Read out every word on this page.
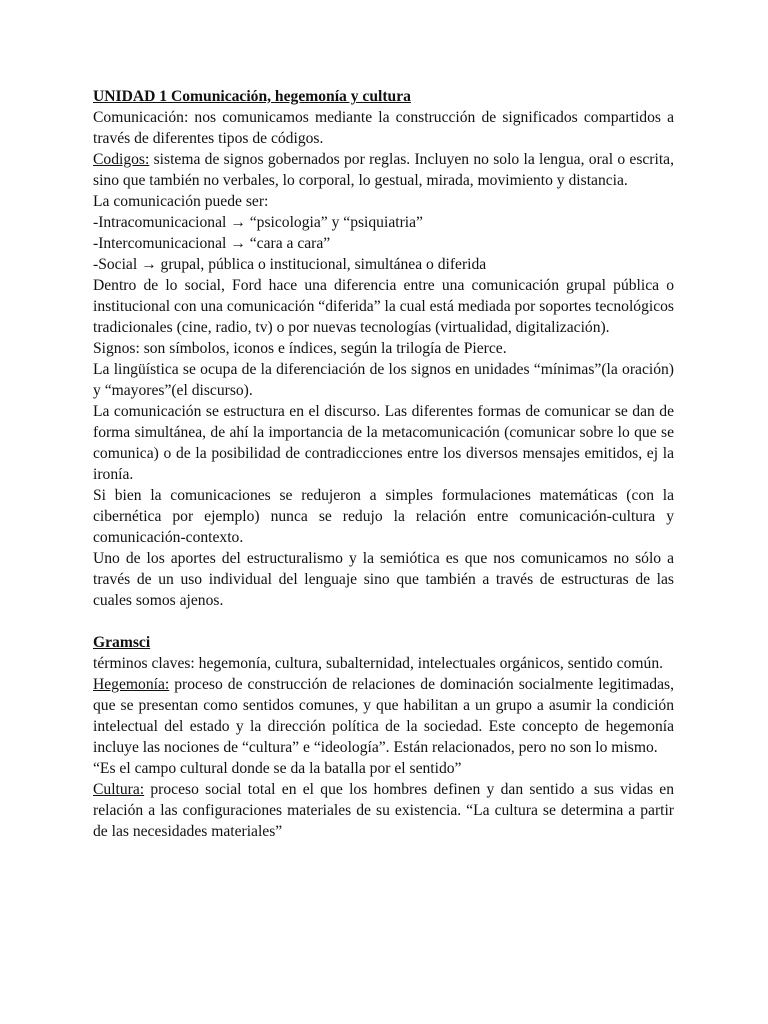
UNIDAD 1 Comunicación, hegemonía y cultura

Comunicación: nos comunicamos mediante la construcción de significados compartidos a través de diferentes tipos de códigos.

Codigos: sistema de signos gobernados por reglas. Incluyen no solo la lengua, oral o escrita, sino que también no verbales, lo corporal, lo gestual, mirada, movimiento y distancia.

La comunicación puede ser:

-Intracomunicacional → “psicologia” y “psiquiatria”

-Intercomunicacional → “cara a cara”

-Social → grupal, pública o institucional, simultánea o diferida

Dentro de lo social, Ford hace una diferencia entre una comunicación grupal pública o institucional con una comunicación “diferida” la cual está mediada por soportes tecnológicos tradicionales (cine, radio, tv) o por nuevas tecnologías (virtualidad, digitalización).

Signos: son símbolos, iconos e índices, según la trilogía de Pierce.

La lingüística se ocupa de la diferenciación de los signos en unidades “mínimas”(la oración) y “mayores”(el discurso).

La comunicación se estructura en el discurso. Las diferentes formas de comunicar se dan de forma simultánea, de ahí la importancia de la metacomunicación (comunicar sobre lo que se comunica) o de la posibilidad de contradicciones entre los diversos mensajes emitidos, ej la ironía.

Si bien la comunicaciones se redujeron a simples formulaciones matemáticas (con la cibernética por ejemplo) nunca se redujo la relación entre comunicación-cultura y comunicación-contexto.

Uno de los aportes del estructuralismo y la semiótica es que nos comunicamos no sólo a través de un uso individual del lenguaje sino que también a través de estructuras de las cuales somos ajenos.

Gramsci

términos claves: hegemonía, cultura, subalternidad, intelectuales orgánicos, sentido común.

Hegemonía: proceso de construcción de relaciones de dominación socialmente legitimadas, que se presentan como sentidos comunes, y que habilitan a un grupo a asumir la condición intelectual del estado y la dirección política de la sociedad. Este concepto de hegemonía incluye las nociones de “cultura” e “ideología”. Están relacionados, pero no son lo mismo.

“Es el campo cultural donde se da la batalla por el sentido”

Cultura: proceso social total en el que los hombres definen y dan sentido a sus vidas en relación a las configuraciones materiales de su existencia. “La cultura se determina a partir de las necesidades materiales”
